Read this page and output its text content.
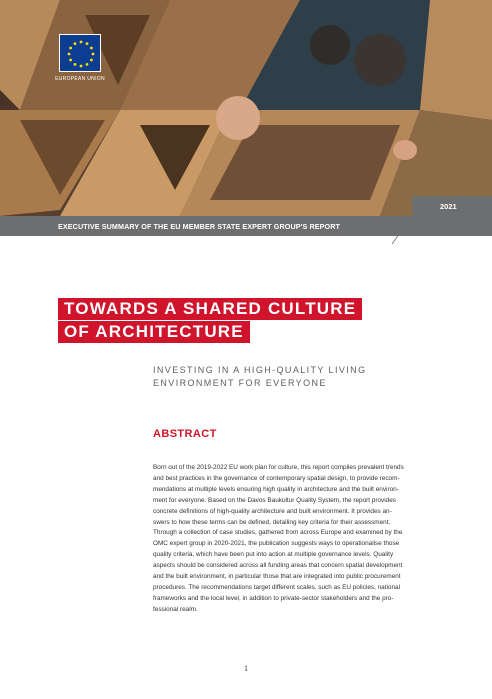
EUROPEAN UNION
2021
EXECUTIVE SUMMARY OF THE EU MEMBER STATE EXPERT GROUP'S REPORT
TOWARDS A SHARED CULTURE
OF ARCHITECTURE
INVESTING IN A HIGH-QUALITY LIVING
ENVIRONMENT FOR EVERYONE
ABSTRACT
Born out of the 2019-2022 EU work plan for culture, this report compiles prevalent trends
and best practices in the governance of contemporary spatial design, to provide recom-
mendations at multiple levels ensuring high quality in architecture and the built environ-
ment for everyone. Based on the Davos Baukultur Quality System, the report provides
concrete definitions of high-quality architecture and built environment. It provides an-
swers to how these terms can be defined, detailing key criteria for their assessment.
Through a collection of case studies, gathered from across Europe and examined by the
OMC expert group in 2020-2021, the publication suggests ways to operationalise those
quality criteria, which have been put into action at multiple governance levels. Quality
aspects should be considered across all funding areas that concern spatial development
and the built environment, in particular those that are integrated into public procurement
procedures. The recommendations target different scales, such as EU policies, national
frameworks and the local level, in addition to private-sector stakeholders and the pro-
fessional realm.
1
